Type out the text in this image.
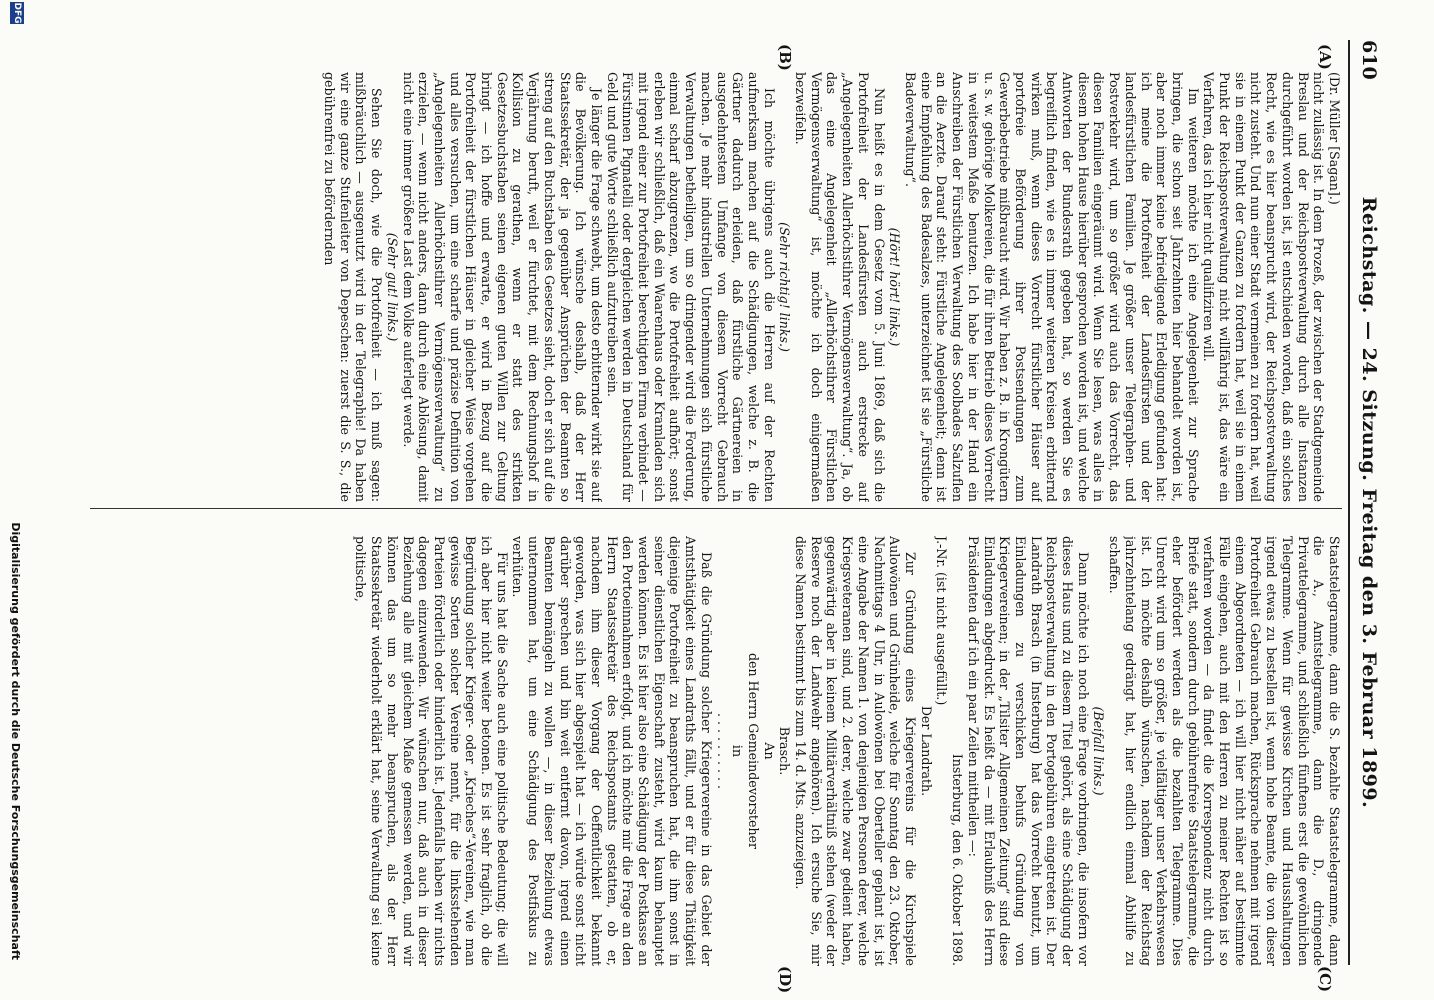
610
Reichstag. — 24. Sitzung. Freitag den 3. Februar 1899.
(A)
(B)
(C)
(D)

(Dr. Müller [Sagan].)

nicht zulässig ist. In dem Prozeß, der zwischen der Stadtgemeinde Breslau und der Reichspostverwaltung durch alle Instanzen durchgeführt worden ist, ist entschieden worden, daß ein solches Recht, wie es hier beansprucht wird, der Reichspostverwaltung nicht zusteht. Und nun einer Stadt vermeinen zu fordern hat, weil sie in einem Punkt der Ganzen zu fordern hat, weil sie in einem Punkt der Reichspostverwaltung nicht willfährig ist, das wäre ein Verfahren, das ich hier nicht qualifiziren will.

Im weiteren möchte ich eine Angelegenheit zur Sprache bringen, die schon seit Jahrzehnten hier behandelt worden ist, aber noch immer keine befriedigende Erledigung gefunden hat: ich meine die Portofreiheit der Landesfürsten und der landesfürstlichen Familien. Je größer unser Telegraphen- und Postverkehr wird, um so größer wird auch das Vorrecht, das diesen Familien eingeräumt wird. Wenn Sie lesen, was alles in diesem hohen Hause hierüber gesprochen worden ist, und welche Antworten der Bundesrath gegeben hat, so werden Sie es begreiflich finden, wie es in immer weiteren Kreisen erbitternd wirken muß, wenn dieses Vorrecht fürstlicher Häuser auf portofreie Beförderung ihrer Postsendungen zum Gewerbebetriebe mißbraucht wird. Wir haben z. B. in Krongütern u. s. w. gehörige Molkereien, die für ihren Betrieb dieses Vorrecht in weitestem Maße benutzen. Ich habe hier in der Hand ein Anschreiben der Fürstlichen Verwaltung des Soolbades Salzuflen an die Aerzte. Darauf steht: Fürstliche Angelegenheit; denn ist eine Empfehlung des Badesalzes, unterzeichnet ist sie „Fürstliche Badeverwaltung“.

(Hört! hört! links.)

Nun heißt es in dem Gesetz vom 5. Juni 1869, daß sich die Portofreiheit der Landesfürsten auch erstrecke auf „Angelegenheiten Allerhöchstihrer Vermögensverwaltung“. Ja, ob das eine Angelegenheit „Allerhöchstihrer Fürstlichen Vermögensverwaltung“ ist, möchte ich doch einigermaßen bezweifeln.

(Sehr richtig! links.)

Ich möchte übrigens auch die Herren auf der Rechten aufmerksam machen auf die Schädigungen, welche z. B. die Gärtner dadurch erleiden, daß fürstliche Gärtnereien in ausgedehntestem Umfange von diesem Vorrecht Gebrauch machen. Je mehr industriellen Unternehmungen sich fürstliche Verwaltungen betheiligen, um so dringender wird die Forderung, einmal scharf abzugrenzen, wo die Portofreiheit aufhört; sonst erleben wir schließlich, daß ein Waarenhaus oder Kramladen sich mit irgend einer zur Portofreiheit berechtigten Firma verbindet — Fürstinnen Pignatelli oder dergleichen werden in Deutschland für Geld und gute Worte schließlich aufzutreiben sein.

Je länger die Frage schwebt, um desto erbitternder wirkt sie auf die Bevölkerung. Ich wünsche deshalb, daß der Herr Staatssekretär, der ja gegenüber Ansprüchen der Beamten so streng auf den Buchstaben des Gesetzes sieht, doch er sich auf die Verjährung beruft, weil er fürchtet, mit dem Rechnungshof in Kollision zu gerathen, wenn er statt des strikten Gesetzesbuchstaben seinen eigenen guten Willen zur Geltung bringt — ich hoffe und erwarte, er wird in Bezug auf die Portofreiheit der fürstlichen Häuser in gleicher Weise vorgehen und alles versuchen, um eine scharfe und präzise Definition von „Angelegenheiten Allerhöchstihrer Vermögensverwaltung“ zu erzielen, — wenn nicht anders, dann durch eine Ablösung, damit nicht eine immer größere Last dem Volke auferlegt werde.

(Sehr gut! links.)

Sehen Sie doch, wie die Portofreiheit — ich muß sagen: mißbräuchlich — ausgenutzt wird in der Telegraphie! Da haben wir eine ganze Stufenleiter von Depeschen: zuerst die S. S., die gebührenfrei zu befördernden

Staatstelegramme, dann die S. bezahlte Staatstelegramme, dann die A., Amtstelegramme, dann die D., dringende Privattelegramme, und schließlich fünftens erst die gewöhnlichen Telegramme. Wenn für gewisse Kirchen und Hausshaltungen irgend etwas zu bestellen ist, wenn hohe Beamte, die von dieser Portofreiheit Gebrauch machen, Rücksprache nehmen mit irgend einem Abgeordneten — ich will hier nicht näher auf bestimmte Fälle eingehen, auch mit den Herren zu meiner Rechten ist so verfahren worden — da findet die Korrespondenz nicht durch Briefe statt, sondern durch gebührenfreie Staatstelegramme, die eher befördert werden als die bezahlten Telegramme. Dies Unrecht wird um so größer, je vielfältiger unser Verkehrswesen ist. Ich möchte deshalb wünschen, nachdem der Reichstag jahrzehntelang gedrängt hat, hier endlich einmal Abhilfe zu schaffen.

(Beifall links.)

Dann möchte ich noch eine Frage vorbringen, die insofern vor dieses Haus und zu diesem Titel gehört, als eine Schädigung der Reichspostverwaltung in den Portogebühren eingetreten ist. Der Landrath Brasch (in Insterburg) hat das Vorrecht benutzt, um Einladungen zu verschicken behufs Gründung von Kriegervereinen; in der „Tilsiter Allgemeinen Zeitung“ sind diese Einladungen abgedruckt. Es heißt da — mit Erlaubniß des Herrn Präsidenten darf ich ein paar Zeilen mittheilen —:

Insterburg, den 6. Oktober 1898.

J.-Nr. (ist nicht ausgefüllt.)

Der Landrath.

Zur Gründung eines Kriegervereins für die Kirchspiele Aulowönen und Grünheide, welche für Sonntag den 23. Oktober, Nachmittags 4 Uhr, in Aulowönen bei Oberteller geplant ist, ist eine Angabe der Namen 1. von denjenigen Personen derer, welche Kriegsveteranen sind, und 2. derer, welche zwar gedient haben, gegenwärtig aber in keinem Militärverhältniß stehen (weder der Reserve noch der Landwehr angehören). Ich ersuche Sie, mir diese Namen bestimmt bis zum 14. d. Mts. anzuzeigen.

Brasch.

An

den Herrn Gemeindevorsteher

in

. . . . . . . . . .

Daß die Gründung solcher Kriegervereine in das Gebiet der Amtsthätigkeit eines Landraths fällt, und er für diese Thätigkeit diejenige Portofreiheit zu beanspruchen hat, die ihm sonst in seiner dienstlichen Eigenschaft zusteht, wird kaum behauptet werden können. Es ist hier also eine Schädigung der Postkasse an den Portoeinnahmen erfolgt, und ich möchte mir die Frage an den Herrn Staatssekretär des Reichspostamts gestatten, ob er, nachdem ihm dieser Vorgang der Oeffentlichkeit bekannt geworden, was sich hier abgespielt hat — ich würde sonst nicht darüber sprechen und bin weit entfernt davon, irgend einen Beamten bemängeln zu wollen —, in dieser Beziehung etwas unternommen hat, um eine Schädigung des Postfiskus zu verhüten.

Für uns hat die Sache auch eine politische Bedeutung; die will ich aber hier nicht weiter betonen. Es ist sehr fraglich, ob die Begründung solcher Krieger- oder „Krieches“-Vereinen, wie man gewisse Sorten solcher Vereine nennt, für die linksstehenden Parteien förderlich oder hinderlich ist. Jedenfalls haben wir nichts dagegen einzuwenden. Wir wünschen nur, daß auch in dieser Beziehung alle mit gleichem Maße gemessen werden, und wir können das um so mehr beanspruchen, als der Herr Staatssekretär wiederholt erklärt hat, seine Verwaltung sei keine politische,

DFG
Digitalisierung gefördert durch die Deutsche Forschungsgemeinschaft
